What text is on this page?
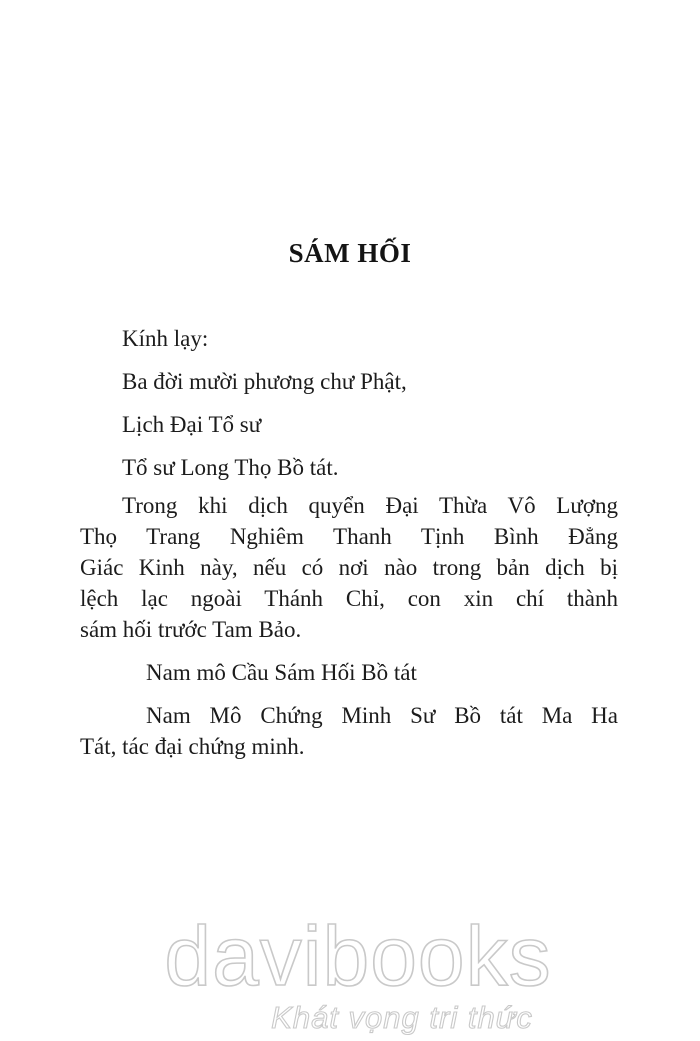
SÁM HỐI
Kính lạy:
Ba đời mười phương chư Phật,
Lịch Đại Tổ sư
Tổ sư Long Thọ Bồ tát.
Trong khi dịch quyển Đại Thừa Vô Lượng
Thọ Trang Nghiêm Thanh Tịnh Bình Đẳng
Giác Kinh này, nếu có nơi nào trong bản dịch bị
lệch lạc ngoài Thánh Chỉ, con xin chí thành
sám hối trước Tam Bảo.
Nam mô Cầu Sám Hối Bồ tát
Nam Mô Chứng Minh Sư Bồ tát Ma Ha
Tát, tác đại chứng minh.
davibooks
Khát vọng tri thức
